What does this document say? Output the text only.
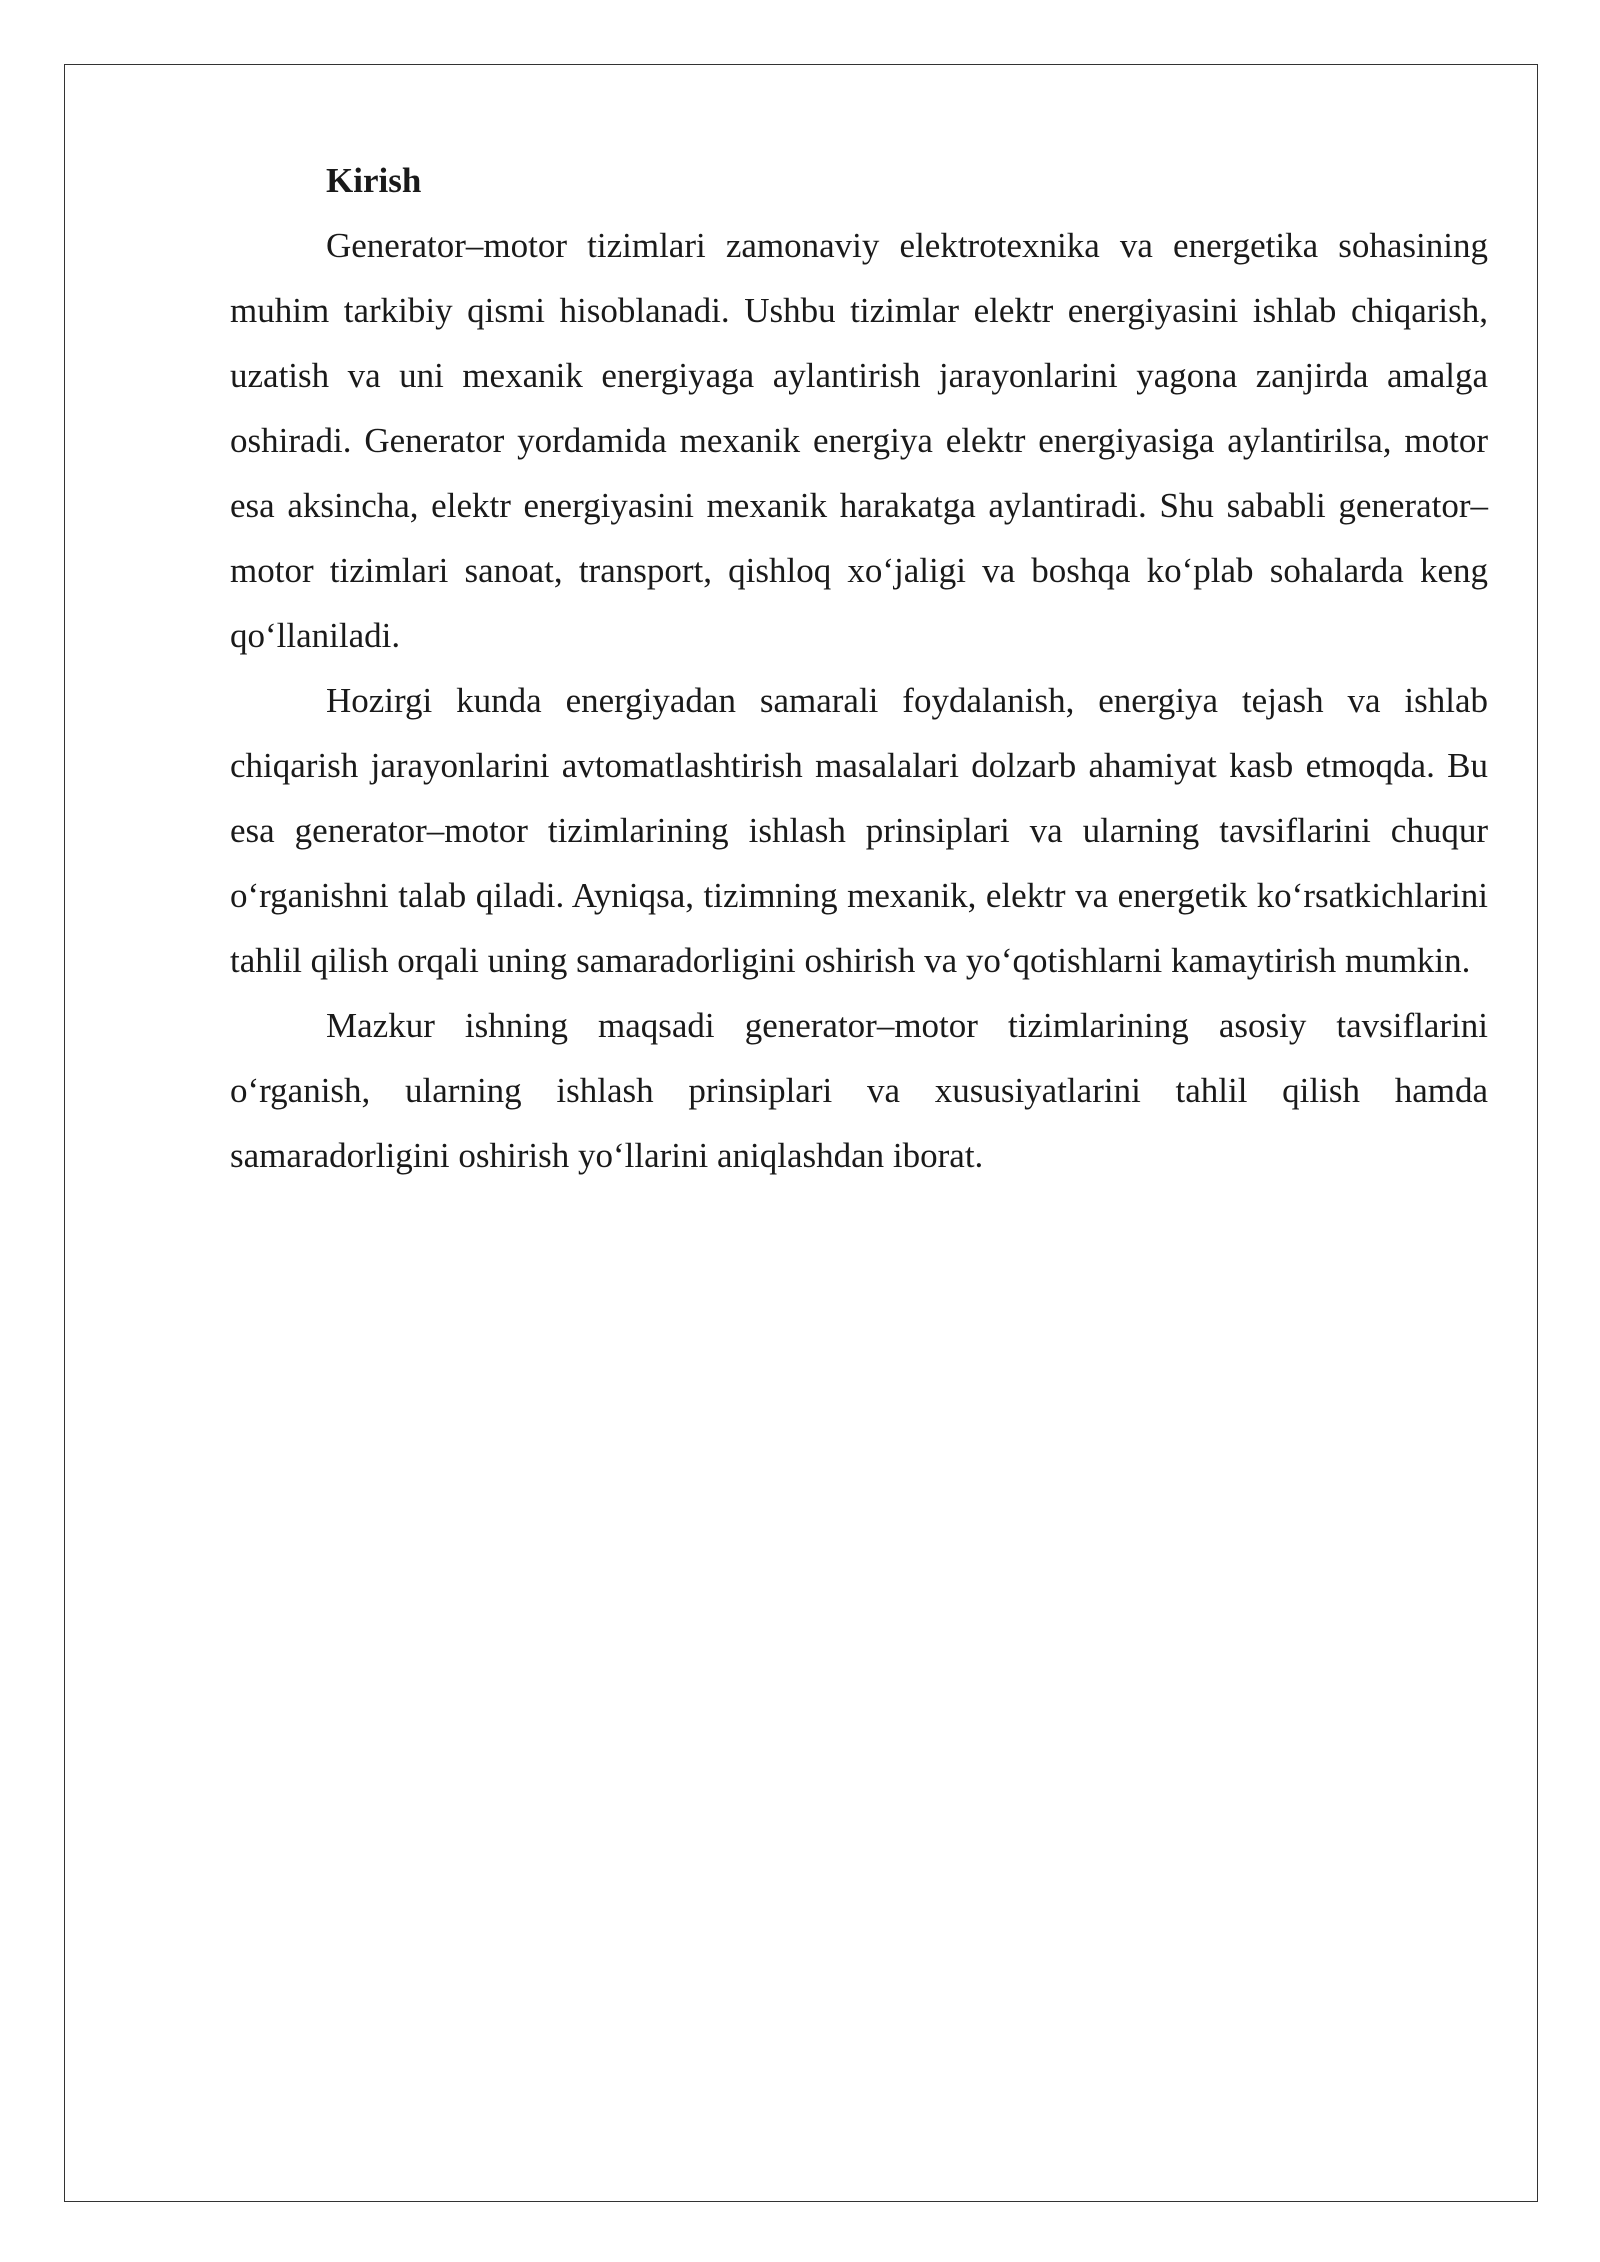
Kirish

Generator–motor tizimlari zamonaviy elektrotexnika va energetika sohasining muhim tarkibiy qismi hisoblanadi. Ushbu tizimlar elektr energiyasini ishlab chiqarish, uzatish va uni mexanik energiyaga aylantirish jarayonlarini yagona zanjirda amalga oshiradi. Generator yordamida mexanik energiya elektr energiyasiga aylantirilsa, motor esa aksincha, elektr energiyasini mexanik harakatga aylantiradi. Shu sababli generator–motor tizimlari sanoat, transport, qishloq xo‘jaligi va boshqa ko‘plab sohalarda keng qo‘llaniladi.

Hozirgi kunda energiyadan samarali foydalanish, energiya tejash va ishlab chiqarish jarayonlarini avtomatlashtirish masalalari dolzarb ahamiyat kasb etmoqda. Bu esa generator–motor tizimlarining ishlash prinsiplari va ularning tavsiflarini chuqur o‘rganishni talab qiladi. Ayniqsa, tizimning mexanik, elektr va energetik ko‘rsatkichlarini tahlil qilish orqali uning samaradorligini oshirish va yo‘qotishlarni kamaytirish mumkin.

Mazkur ishning maqsadi generator–motor tizimlarining asosiy tavsiflarini o‘rganish, ularning ishlash prinsiplari va xususiyatlarini tahlil qilish hamda samaradorligini oshirish yo‘llarini aniqlashdan iborat.
